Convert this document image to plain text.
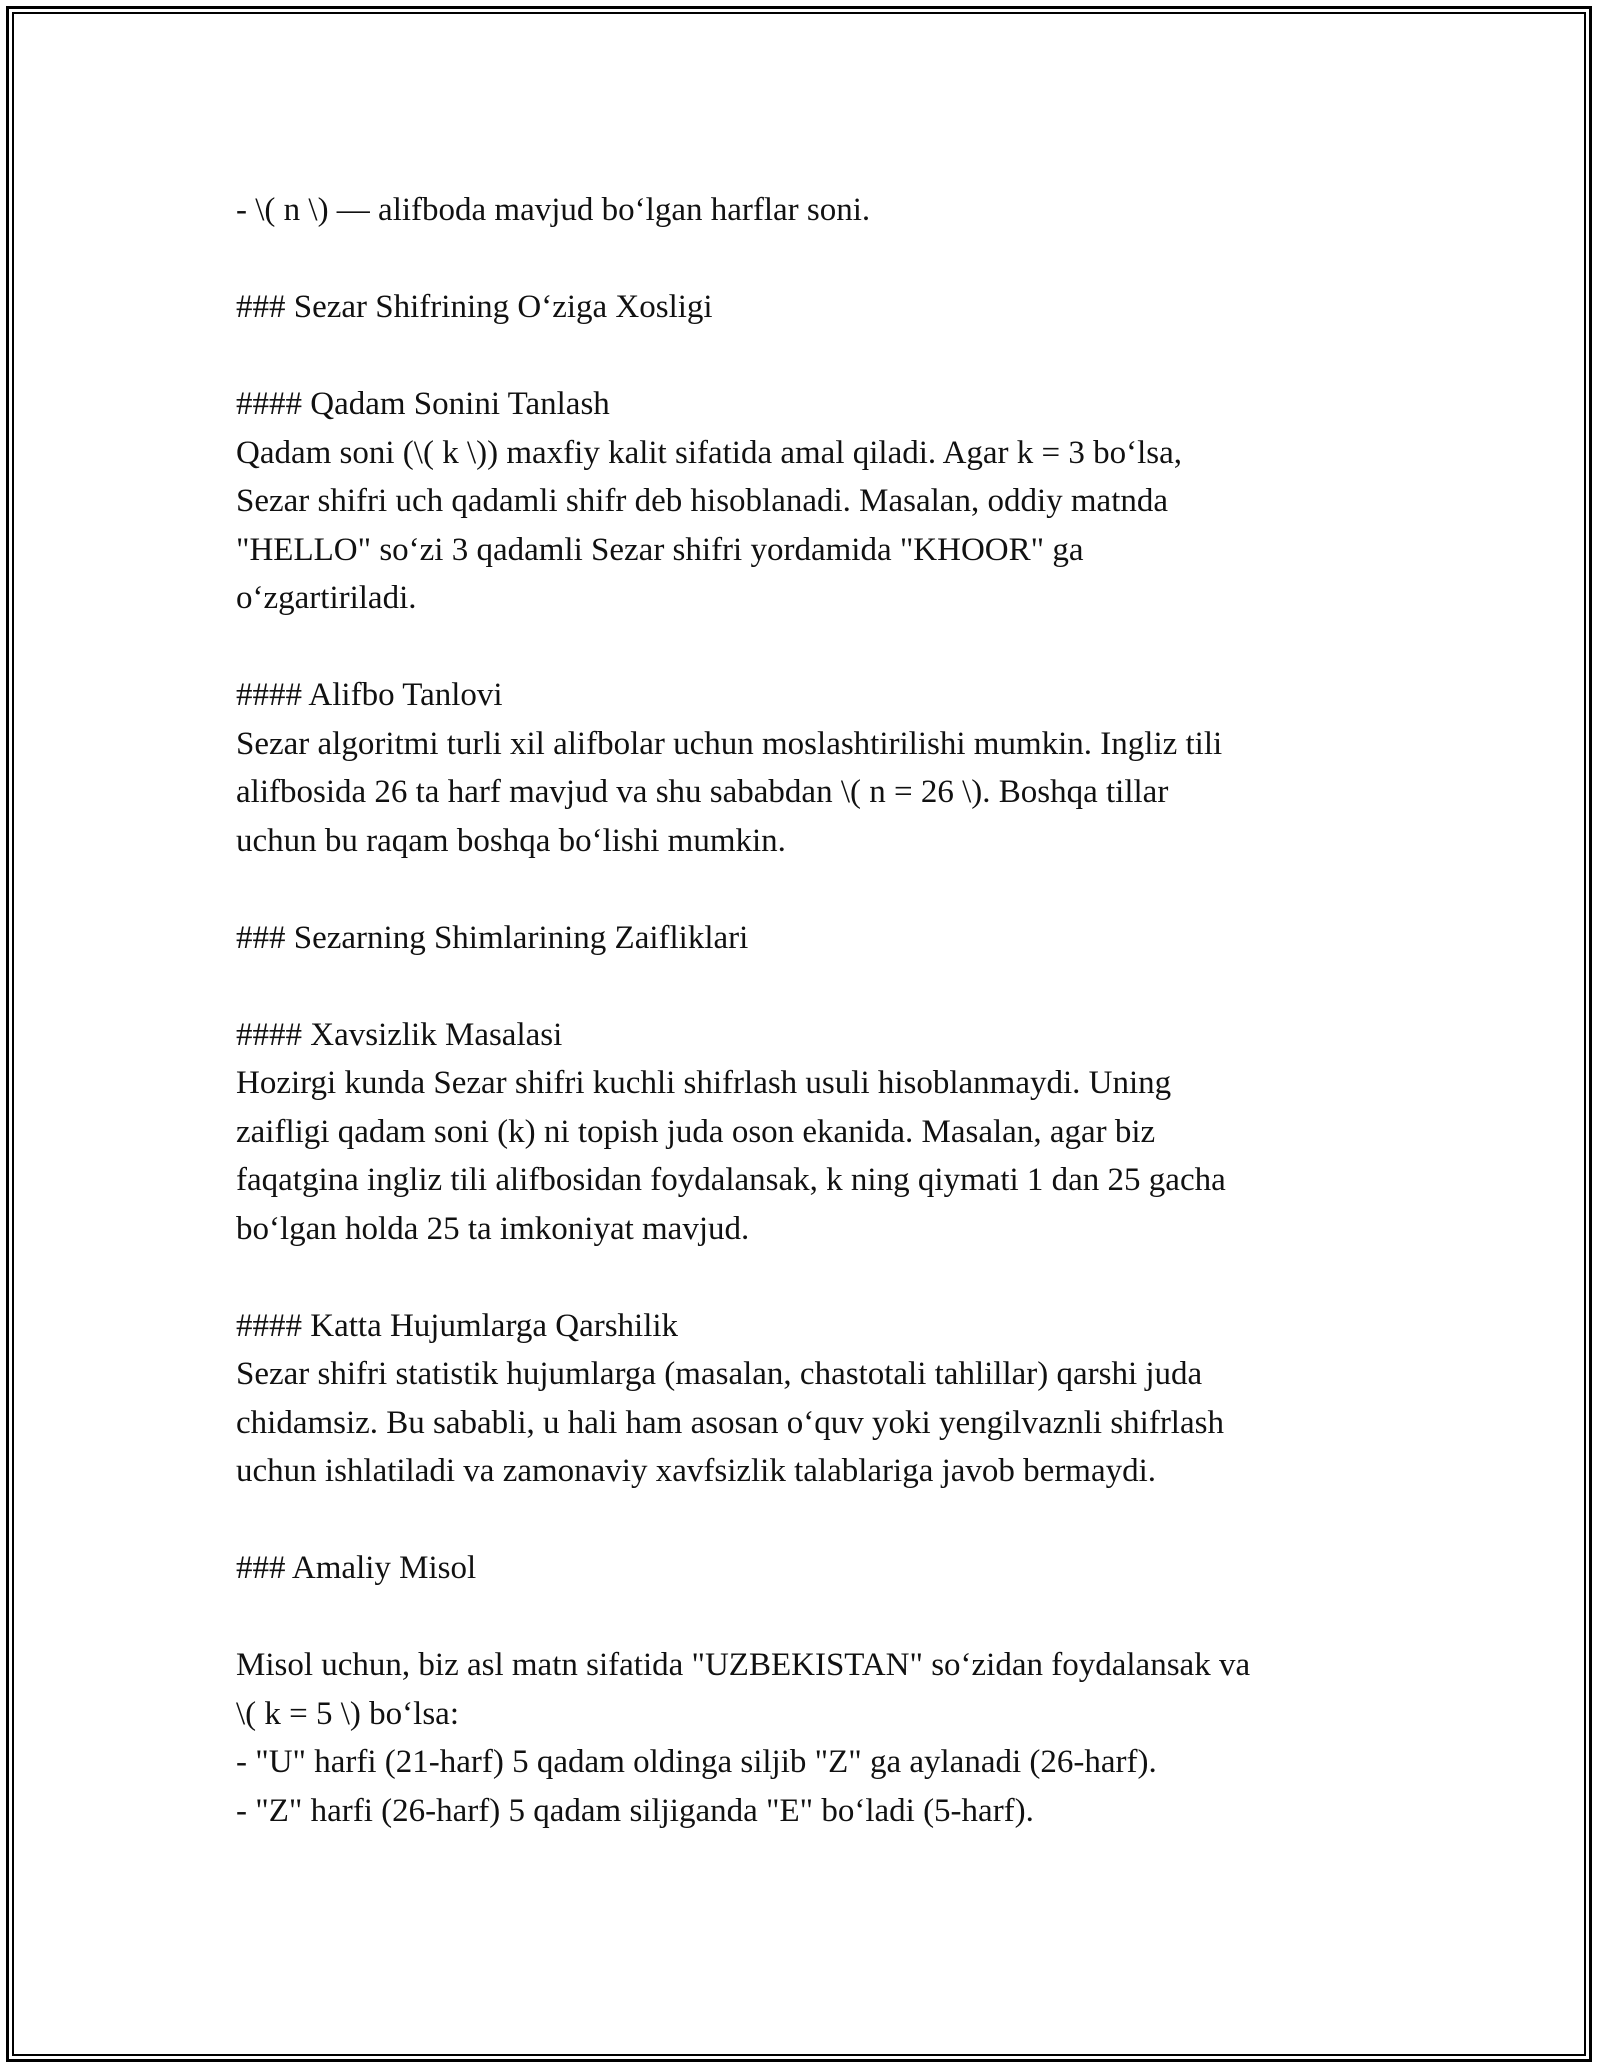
- \( n \) — alifboda mavjud bo‘lgan harflar soni.

### Sezar Shifrining O‘ziga Xosligi

#### Qadam Sonini Tanlash

Qadam soni (\( k \)) maxfiy kalit sifatida amal qiladi. Agar k = 3 bo‘lsa,

Sezar shifri uch qadamli shifr deb hisoblanadi. Masalan, oddiy matnda

"HELLO" so‘zi 3 qadamli Sezar shifri yordamida "KHOOR" ga

o‘zgartiriladi.

#### Alifbo Tanlovi

Sezar algoritmi turli xil alifbolar uchun moslashtirilishi mumkin. Ingliz tili

alifbosida 26 ta harf mavjud va shu sababdan \( n = 26 \). Boshqa tillar

uchun bu raqam boshqa bo‘lishi mumkin.

### Sezarning Shimlarining Zaifliklari

#### Xavsizlik Masalasi

Hozirgi kunda Sezar shifri kuchli shifrlash usuli hisoblanmaydi. Uning

zaifligi qadam soni (k) ni topish juda oson ekanida. Masalan, agar biz

faqatgina ingliz tili alifbosidan foydalansak, k ning qiymati 1 dan 25 gacha

bo‘lgan holda 25 ta imkoniyat mavjud.

#### Katta Hujumlarga Qarshilik

Sezar shifri statistik hujumlarga (masalan, chastotali tahlillar) qarshi juda

chidamsiz. Bu sababli, u hali ham asosan o‘quv yoki yengilvaznli shifrlash

uchun ishlatiladi va zamonaviy xavfsizlik talablariga javob bermaydi.

### Amaliy Misol

Misol uchun, biz asl matn sifatida "UZBEKISTAN" so‘zidan foydalansak va

\( k = 5 \) bo‘lsa:

- "U" harfi (21-harf) 5 qadam oldinga siljib "Z" ga aylanadi (26-harf).

- "Z" harfi (26-harf) 5 qadam siljiganda "E" bo‘ladi (5-harf).
